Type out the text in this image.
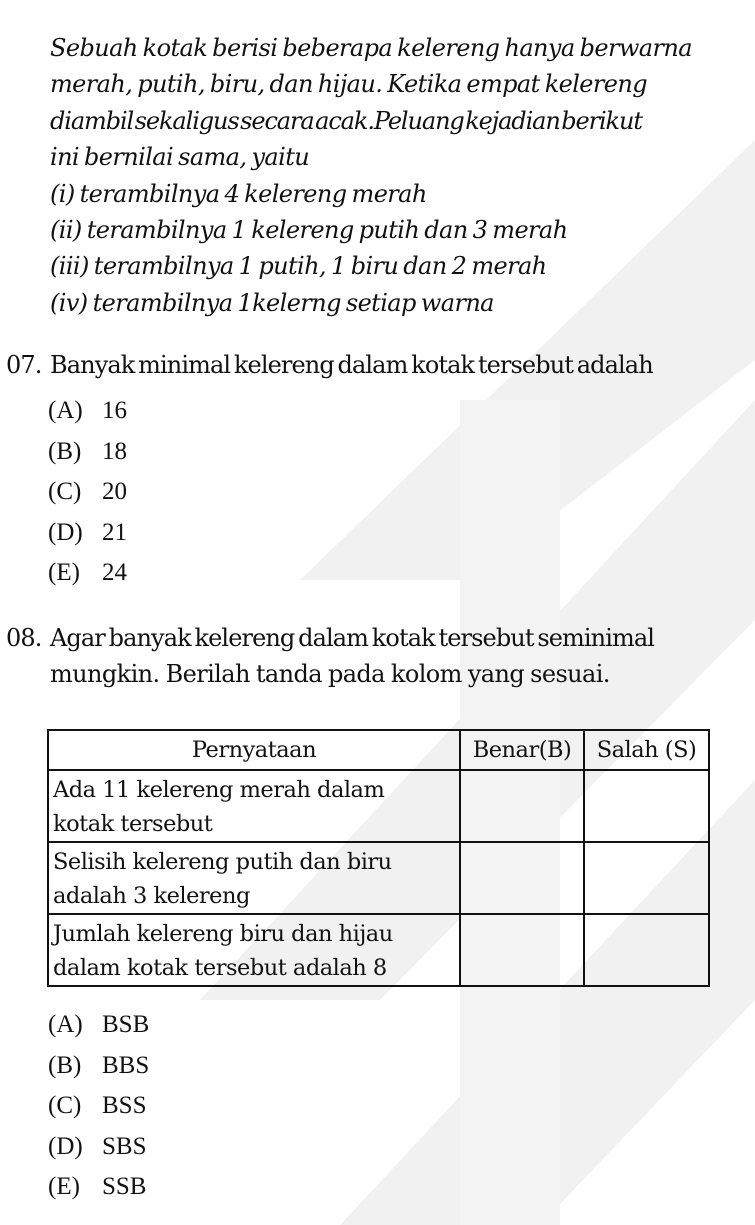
Sebuah kotak berisi beberapa kelereng hanya berwarna
merah, putih, biru, dan hijau. Ketika empat kelereng
diambil sekaligus secara acak.Peluang kejadian berikut
ini bernilai sama, yaitu
(i) terambilnya 4 kelereng merah
(ii) terambilnya 1 kelereng putih dan 3 merah
(iii) terambilnya 1 putih, 1 biru dan 2 merah
(iv) terambilnya 1kelerng setiap warna
07. Banyak minimal kelereng dalam kotak tersebut adalah
(A) 16
(B) 18
(C) 20
(D) 21
(E) 24
08. Agar banyak kelereng dalam kotak tersebut seminimal
mungkin. Berilah tanda pada kolom yang sesuai.
Pernyataan	Benar(B)	Salah (S)

Ada 11 kelereng merah dalam
kotak tersebut		

Selisih kelereng putih dan biru
adalah 3 kelereng		

Jumlah kelereng biru dan hijau
dalam kotak tersebut adalah 8		

(A) BSB
(B) BBS
(C) BSS
(D) SBS
(E) SSB
